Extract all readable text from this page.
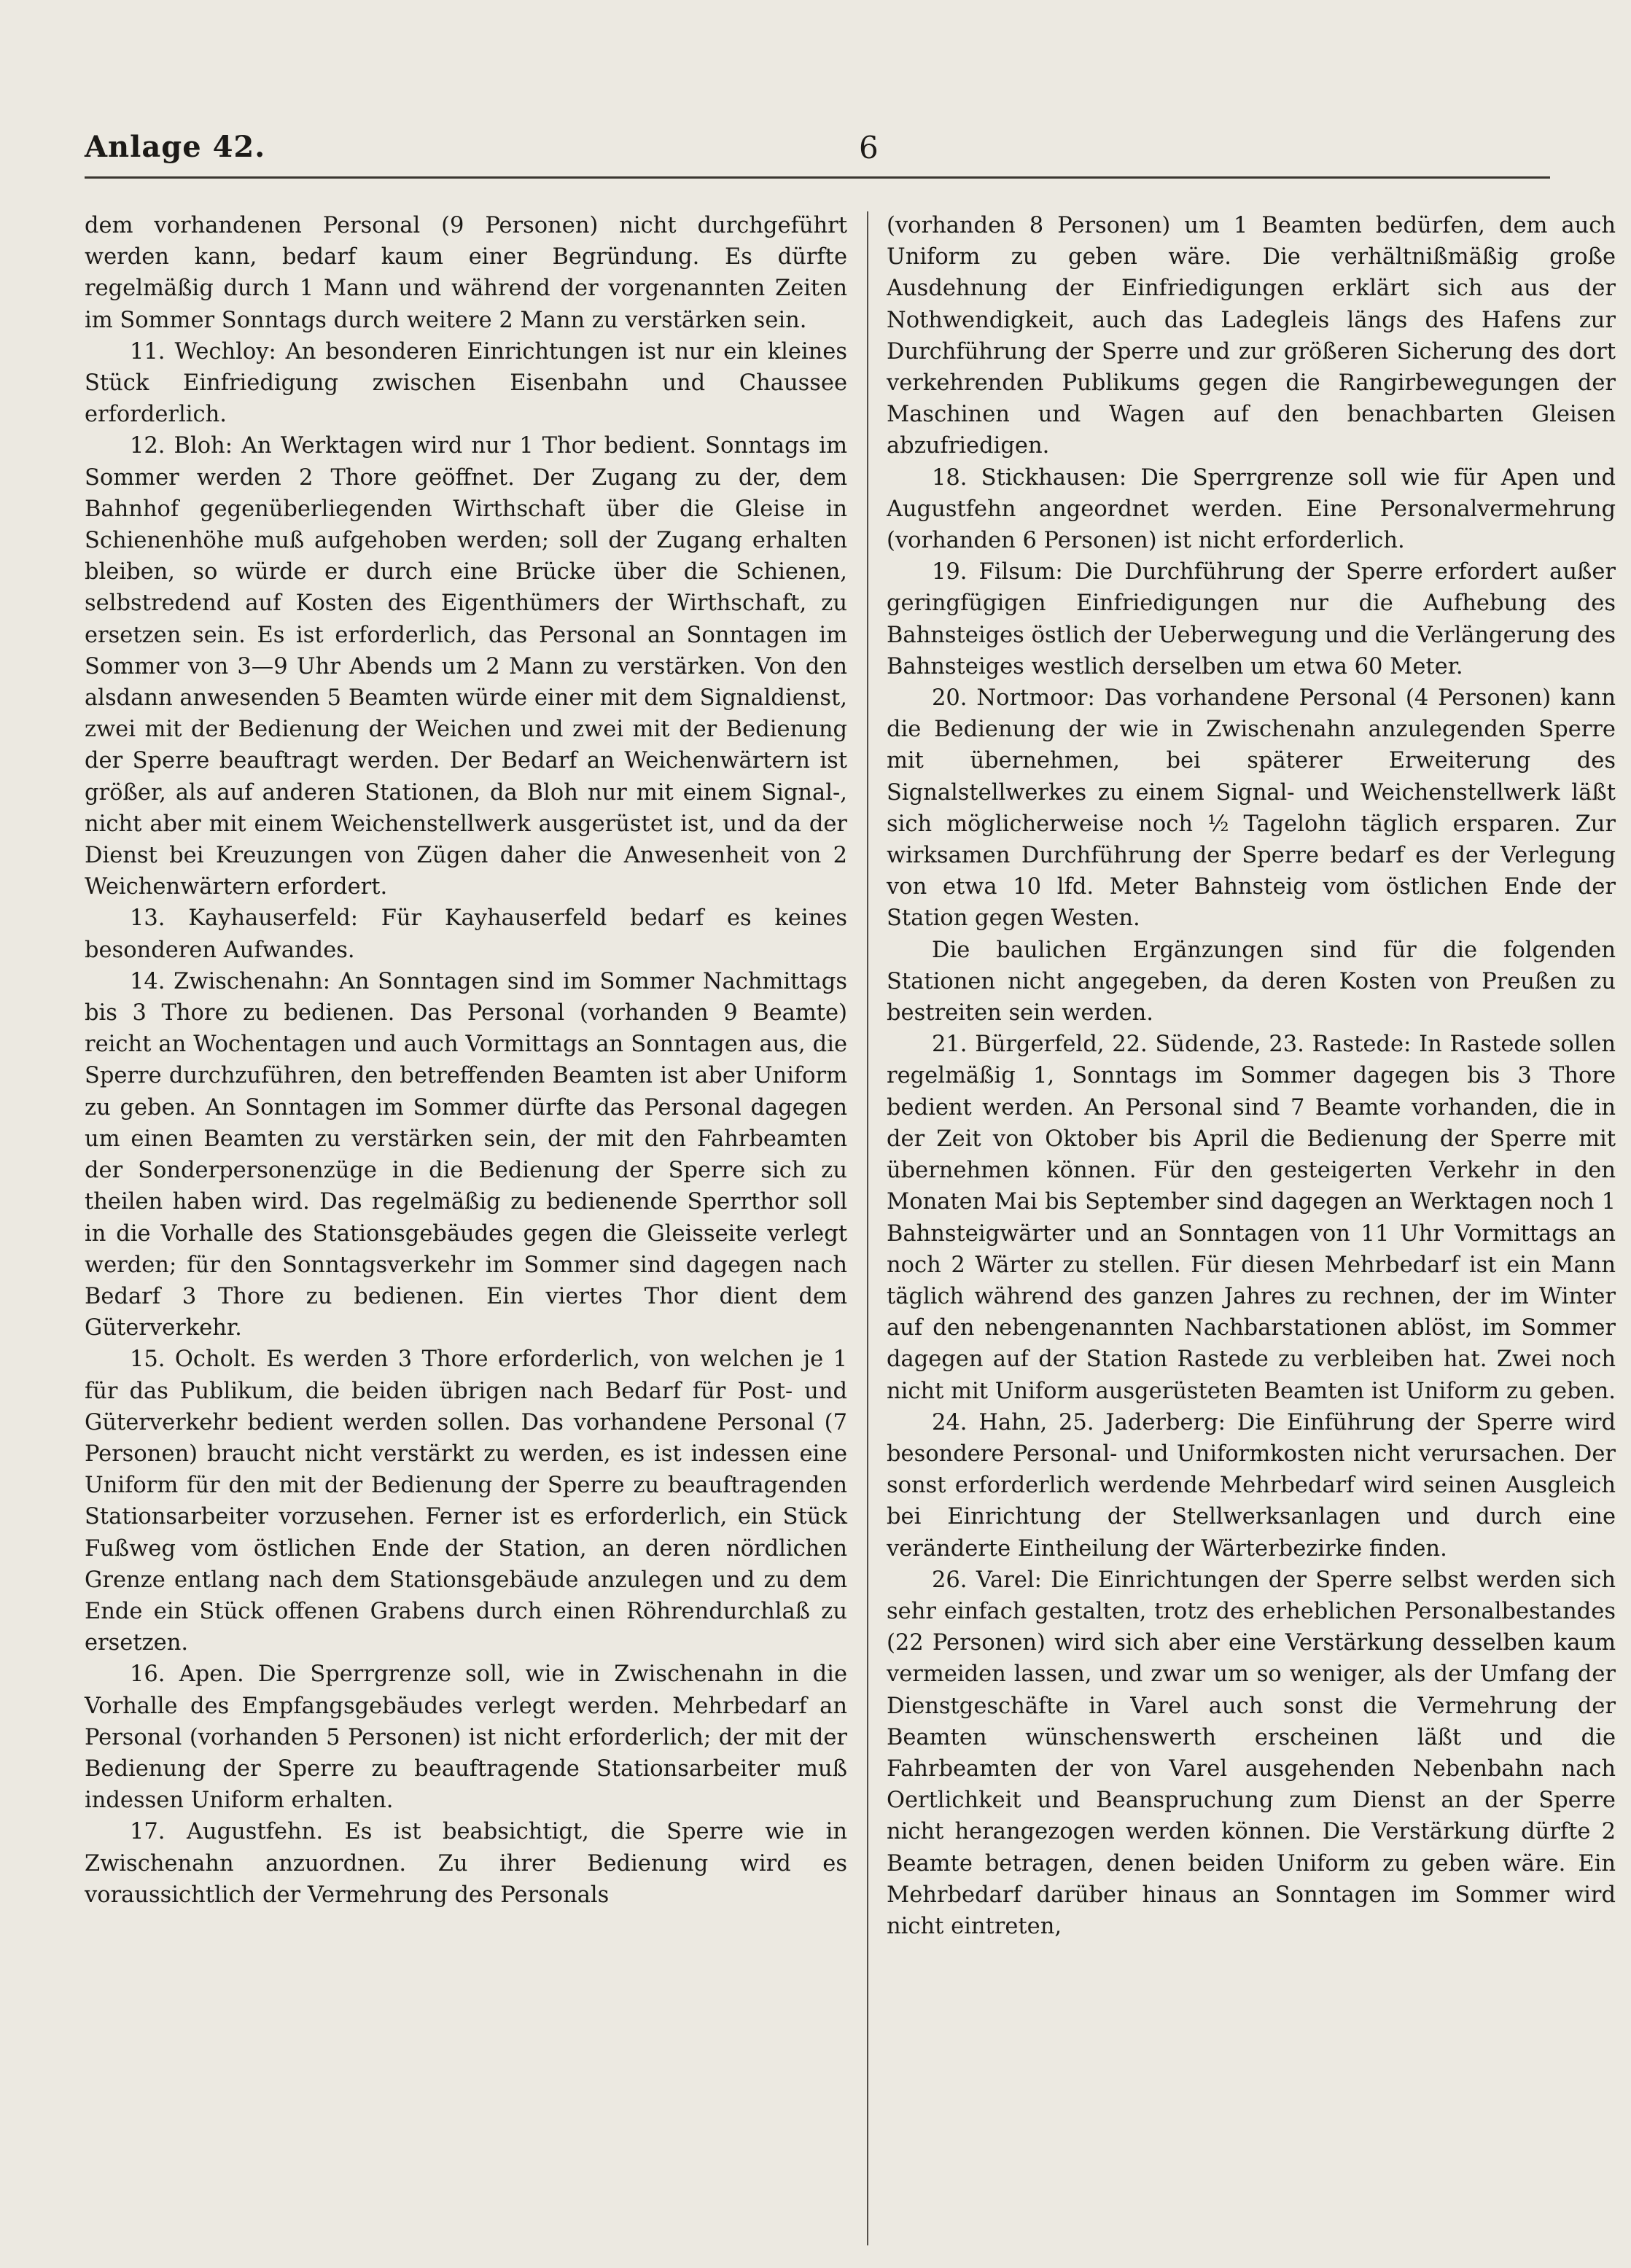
Anlage 42.	6

dem vorhandenen Personal (9 Personen) nicht durchgeführt werden kann, bedarf kaum einer Begründung. Es dürfte regelmäßig durch 1 Mann und während der vorgenannten Zeiten im Sommer Sonntags durch weitere 2 Mann zu verstärken sein.

11. Wechloy: An besonderen Einrichtungen ist nur ein kleines Stück Einfriedigung zwischen Eisenbahn und Chaussee erforderlich.

12. Bloh: An Werktagen wird nur 1 Thor bedient. Sonntags im Sommer werden 2 Thore geöffnet. Der Zugang zu der, dem Bahnhof gegenüberliegenden Wirthschaft über die Gleise in Schienenhöhe muß aufgehoben werden; soll der Zugang erhalten bleiben, so würde er durch eine Brücke über die Schienen, selbstredend auf Kosten des Eigenthümers der Wirthschaft, zu ersetzen sein. Es ist erforderlich, das Personal an Sonntagen im Sommer von 3—9 Uhr Abends um 2 Mann zu verstärken. Von den alsdann anwesenden 5 Beamten würde einer mit dem Signaldienst, zwei mit der Bedienung der Weichen und zwei mit der Bedienung der Sperre beauftragt werden. Der Bedarf an Weichenwärtern ist größer, als auf anderen Stationen, da Bloh nur mit einem Signal-, nicht aber mit einem Weichenstellwerk ausgerüstet ist, und da der Dienst bei Kreuzungen von Zügen daher die Anwesenheit von 2 Weichenwärtern erfordert.

13. Kayhauserfeld: Für Kayhauserfeld bedarf es keines besonderen Aufwandes.

14. Zwischenahn: An Sonntagen sind im Sommer Nachmittags bis 3 Thore zu bedienen. Das Personal (vorhanden 9 Beamte) reicht an Wochentagen und auch Vormittags an Sonntagen aus, die Sperre durchzuführen, den betreffenden Beamten ist aber Uniform zu geben. An Sonntagen im Sommer dürfte das Personal dagegen um einen Beamten zu verstärken sein, der mit den Fahrbeamten der Sonderpersonenzüge in die Bedienung der Sperre sich zu theilen haben wird. Das regelmäßig zu bedienende Sperrthor soll in die Vorhalle des Stationsgebäudes gegen die Gleisseite verlegt werden; für den Sonntagsverkehr im Sommer sind dagegen nach Bedarf 3 Thore zu bedienen. Ein viertes Thor dient dem Güterverkehr.

15. Ocholt. Es werden 3 Thore erforderlich, von welchen je 1 für das Publikum, die beiden übrigen nach Bedarf für Post- und Güterverkehr bedient werden sollen. Das vorhandene Personal (7 Personen) braucht nicht verstärkt zu werden, es ist indessen eine Uniform für den mit der Bedienung der Sperre zu beauftragenden Stationsarbeiter vorzusehen. Ferner ist es erforderlich, ein Stück Fußweg vom östlichen Ende der Station, an deren nördlichen Grenze entlang nach dem Stationsgebäude anzulegen und zu dem Ende ein Stück offenen Grabens durch einen Röhrendurchlaß zu ersetzen.

16. Apen. Die Sperrgrenze soll, wie in Zwischenahn in die Vorhalle des Empfangsgebäudes verlegt werden. Mehrbedarf an Personal (vorhanden 5 Personen) ist nicht erforderlich; der mit der Bedienung der Sperre zu beauftragende Stationsarbeiter muß indessen Uniform erhalten.

17. Augustfehn. Es ist beabsichtigt, die Sperre wie in Zwischenahn anzuordnen. Zu ihrer Bedienung wird es voraussichtlich der Vermehrung des Personals

(vorhanden 8 Personen) um 1 Beamten bedürfen, dem auch Uniform zu geben wäre. Die verhältnißmäßig große Ausdehnung der Einfriedigungen erklärt sich aus der Nothwendigkeit, auch das Ladegleis längs des Hafens zur Durchführung der Sperre und zur größeren Sicherung des dort verkehrenden Publikums gegen die Rangirbewegungen der Maschinen und Wagen auf den benachbarten Gleisen abzufriedigen.

18. Stickhausen: Die Sperrgrenze soll wie für Apen und Augustfehn angeordnet werden. Eine Personalvermehrung (vorhanden 6 Personen) ist nicht erforderlich.

19. Filsum: Die Durchführung der Sperre erfordert außer geringfügigen Einfriedigungen nur die Aufhebung des Bahnsteiges östlich der Ueberwegung und die Verlängerung des Bahnsteiges westlich derselben um etwa 60 Meter.

20. Nortmoor: Das vorhandene Personal (4 Personen) kann die Bedienung der wie in Zwischenahn anzulegenden Sperre mit übernehmen, bei späterer Erweiterung des Signalstellwerkes zu einem Signal- und Weichenstellwerk läßt sich möglicherweise noch ½ Tagelohn täglich ersparen. Zur wirksamen Durchführung der Sperre bedarf es der Verlegung von etwa 10 lfd. Meter Bahnsteig vom östlichen Ende der Station gegen Westen.

Die baulichen Ergänzungen sind für die folgenden Stationen nicht angegeben, da deren Kosten von Preußen zu bestreiten sein werden.

21. Bürgerfeld, 22. Südende, 23. Rastede: In Rastede sollen regelmäßig 1, Sonntags im Sommer dagegen bis 3 Thore bedient werden. An Personal sind 7 Beamte vorhanden, die in der Zeit von Oktober bis April die Bedienung der Sperre mit übernehmen können. Für den gesteigerten Verkehr in den Monaten Mai bis September sind dagegen an Werktagen noch 1 Bahnsteigwärter und an Sonntagen von 11 Uhr Vormittags an noch 2 Wärter zu stellen. Für diesen Mehrbedarf ist ein Mann täglich während des ganzen Jahres zu rechnen, der im Winter auf den nebengenannten Nachbarstationen ablöst, im Sommer dagegen auf der Station Rastede zu verbleiben hat. Zwei noch nicht mit Uniform ausgerüsteten Beamten ist Uniform zu geben.

24. Hahn, 25. Jaderberg: Die Einführung der Sperre wird besondere Personal- und Uniformkosten nicht verursachen. Der sonst erforderlich werdende Mehrbedarf wird seinen Ausgleich bei Einrichtung der Stellwerksanlagen und durch eine veränderte Eintheilung der Wärterbezirke finden.

26. Varel: Die Einrichtungen der Sperre selbst werden sich sehr einfach gestalten, trotz des erheblichen Personalbestandes (22 Personen) wird sich aber eine Verstärkung desselben kaum vermeiden lassen, und zwar um so weniger, als der Umfang der Dienstgeschäfte in Varel auch sonst die Vermehrung der Beamten wünschenswerth erscheinen läßt und die Fahrbeamten der von Varel ausgehenden Nebenbahn nach Oertlichkeit und Beanspruchung zum Dienst an der Sperre nicht herangezogen werden können. Die Verstärkung dürfte 2 Beamte betragen, denen beiden Uniform zu geben wäre. Ein Mehrbedarf darüber hinaus an Sonntagen im Sommer wird nicht eintreten,
